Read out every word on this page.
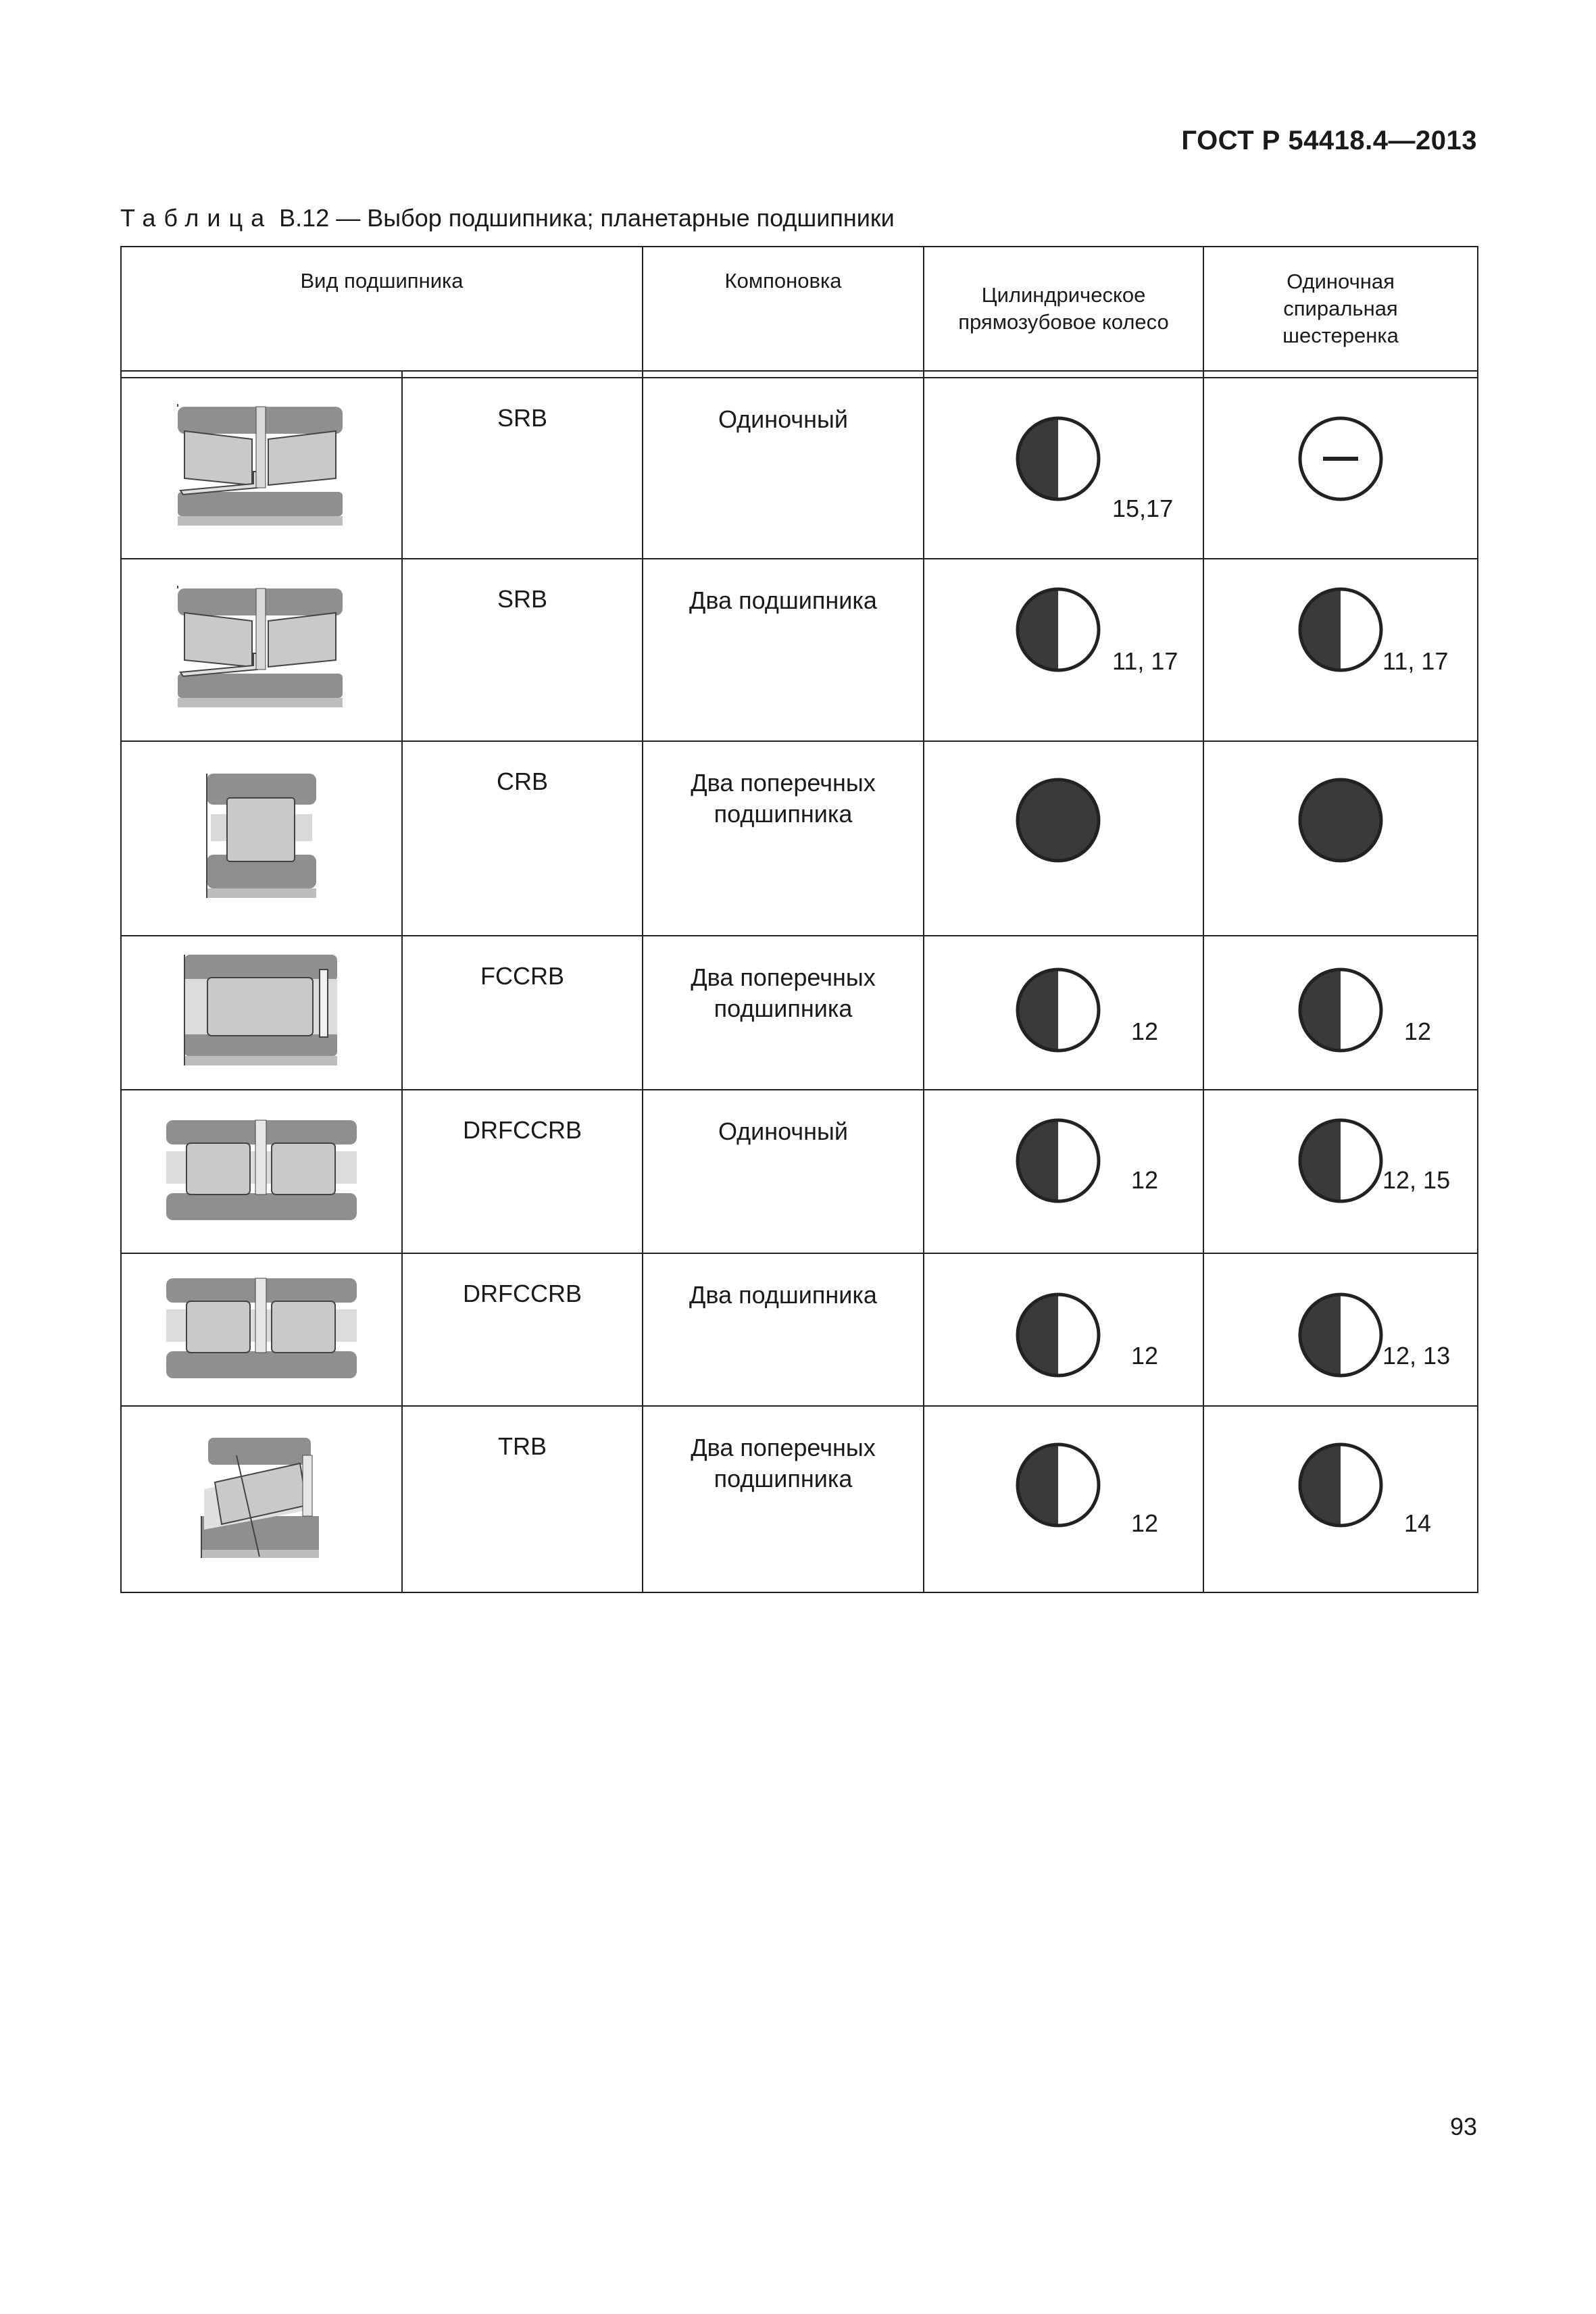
ГОСТ Р 54418.4—2013
Таблица В.12 — Выбор подшипника; планетарные подшипники
Вид подшипника		Компоновка	Цилиндрическое прямозубовое колесо	Одиночная спиральная шестеренка

	SRB	Одиночный	15,17

	SRB	Два подшипника	11, 17	11, 17

	CRB	Два поперечных подшипника	

	FCCRB	Два поперечных подшипника	12	12

	DRFCCRB	Одиночный	12	12, 15

	DRFCCRB	Два подшипника	12	12, 13

	TRB	Два поперечных подшипника	12	14
93
